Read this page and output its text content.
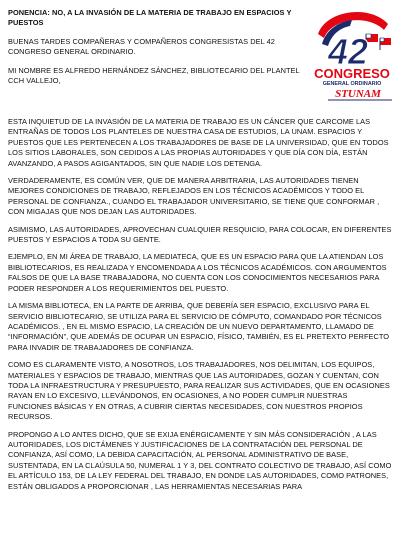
PONENCIA: NO, A LA INVASIÓN DE LA MATERIA DE TRABAJO EN ESPACIOS Y PUESTOS

BUENAS TARDES COMPAÑERAS Y COMPAÑEROS CONGRESISTAS DEL 42 CONGRESO GENERAL ORDINARIO.

MI NOMBRE ES ALFREDO HERNÁNDEZ SÁNCHEZ, BIBLIOTECARIO DEL PLANTEL CCH VALLEJO,

42
CONGRESO
GENERAL ORDINARIO
STUNAM

ESTA INQUIETUD DE LA INVASIÓN DE LA MATERIA DE TRABAJO ES UN CÁNCER QUE CARCOME LAS ENTRAÑAS DE TODOS LOS PLANTELES DE NUESTRA CASA DE ESTUDIOS, LA UNAM. ESPACIOS Y PUESTOS QUE LES PERTENECEN A LOS TRABAJADORES DE BASE DE LA UNIVERSIDAD, QUE EN TODOS LOS SITIOS LABORALES, SON CEDIDOS A LAS PROPIAS AUTORIDADES Y QUE DÍA CON DÍA, ESTÁN AVANZANDO, A PASOS AGIGANTADOS, SIN QUE NADIE LOS DETENGA.

VERDADERAMENTE, ES COMÚN VER, QUE DE MANERA ARBITRARIA, LAS AUTORIDADES TIENEN MEJORES CONDICIONES DE TRABAJO, REFLEJADOS EN LOS TÉCNICOS ACADÉMICOS Y TODO EL PERSONAL DE CONFIANZA., CUANDO EL TRABAJADOR UNIVERSITARIO, SE TIENE QUE CONFORMAR , CON MIGAJAS QUE NOS DEJAN LAS AUTORIDADES.

ASIMISMO, LAS AUTORIDADES, APROVECHAN CUALQUIER RESQUICIO, PARA COLOCAR, EN DIFERENTES PUESTOS Y ESPACIOS A TODA SU GENTE.

EJEMPLO, EN MI ÁREA DE TRABAJO, LA MEDIATECA, QUE ES UN ESPACIO PARA QUE LA ATIENDAN LOS BIBLIOTECARIOS, ES REALIZADA Y ENCOMENDADA A LOS TÉCNICOS ACADÉMICOS. CON ARGUMENTOS FALSOS DE QUE LA BASE TRABAJADORA, NO CUENTA CON LOS CONOCIMIENTOS NECESARIOS PARA PODER RESPONDER A LOS REQUERIMIENTOS DEL PUESTO.

LA MISMA BIBLIOTECA, EN LA PARTE DE ARRIBA, QUE DEBERÍA SER ESPACIO, EXCLUSIVO PARA EL SERVICIO BIBLIOTECARIO, SE UTILIZA PARA EL SERVICIO DE CÓMPUTO, COMANDADO POR TÉCNICOS ACADÉMICOS. , EN EL MISMO ESPACIO, LA CREACIÓN DE UN NUEVO DEPARTAMENTO, LLAMADO DE “INFORMACIÓN”, QUE ADEMÁS DE OCUPAR UN ESPACIO, FÍSICO, TAMBIÉN, ES EL PRETEXTO PERFECTO PARA INVADIR DE TRABAJADORES DE CONFIANZA.

COMO ES CLARAMENTE VISTO, A NOSOTROS, LOS TRABAJADORES, NOS DELIMITAN, LOS EQUIPOS, MATERIALES Y ESPACIOS DE TRABAJO, MIENTRAS QUE LAS AUTORIDADES, GOZAN Y CUENTAN, CON TODA LA INFRAESTRUCTURA Y PRESUPUESTO, PARA REALIZAR SUS ACTIVIDADES, QUE EN OCASIONES RAYAN EN LO EXCESIVO, LLEVÁNDONOS, EN OCASIONES, A NO PODER CUMPLIR NUESTRAS FUNCIONES BÁSICAS Y EN OTRAS, A CUBRIR CIERTAS NECESIDADES, CON NUESTROS PROPIOS RECURSOS.

PROPONGO A LO ANTES DICHO, QUE SE EXIJA ENÉRGICAMENTE Y SIN MÁS CONSIDERACIÓN , A LAS AUTORIDADES, LOS DICTÁMENES Y JUSTIFICACIONES DE LA CONTRATACIÓN DEL PERSONAL DE CONFIANZA, ASÍ COMO, LA DEBIDA CAPACITACIÓN, AL PERSONAL ADMINISTRATIVO DE BASE, SUSTENTADA, EN LA CLAÚSULA 50, NUMERAL 1 Y 3, DEL CONTRATO COLECTIVO DE TRABAJO, ASÍ COMO EL ARTÍCULO 153, DE LA LEY FEDERAL DEL TRABAJO, EN DONDE LAS AUTORIDADES, COMO PATRONES, ESTÁN OBLIGADOS A PROPORCIONAR , LAS HERRAMIENTAS NECESARIAS PARA
